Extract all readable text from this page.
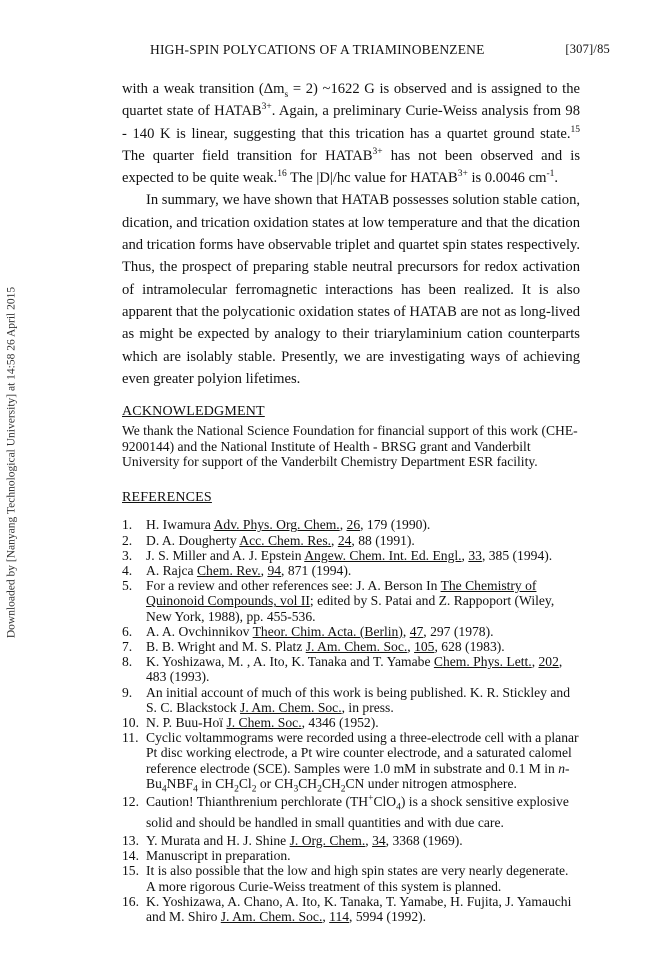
HIGH-SPIN POLYCATIONS OF A TRIAMINOBENZENE	[307]/85
Downloaded by [Nanyang Technological University] at 14:58 26 April 2015

with a weak transition $(\Delta m_s = 2)$ ~1622 G is observed and is assigned to the quartet state of $HATAB^{3+}$. Again, a preliminary Curie-Weiss analysis from 98 - 140 K is linear, suggesting that this trication has a quartet ground state.$^{15}$ The quarter field transition for $HATAB^{3+}$ has not been observed and is expected to be quite weak.$^{16}$ The |D|/hc value for $HATAB^{3+}$ is 0.0046 $cm^{-1}$.

In summary, we have shown that HATAB possesses solution stable cation, dication, and trication oxidation states at low temperature and that the dication and trication forms have observable triplet and quartet spin states respectively. Thus, the prospect of preparing stable neutral precursors for redox activation of intramolecular ferromagnetic interactions has been realized. It is also apparent that the polycationic oxidation states of HATAB are not as long-lived as might be expected by analogy to their triarylaminium cation counterparts which are isolably stable. Presently, we are investigating ways of achieving even greater polyion lifetimes.

ACKNOWLEDGMENT

We thank the National Science Foundation for financial support of this work (CHE-9200144) and the National Institute of Health - BRSG grant and Vanderbilt University for support of the Vanderbilt Chemistry Department ESR facility.

REFERENCES
1. H. Iwamura Adv. Phys. Org. Chem., 26, 179 (1990).
2. D. A. Dougherty Acc. Chem. Res., 24, 88 (1991).
3. J. S. Miller and A. J. Epstein Angew. Chem. Int. Ed. Engl., 33, 385 (1994).
4. A. Rajca Chem. Rev., 94, 871 (1994).
5. For a review and other references see: J. A. Berson In The Chemistry of Quinonoid Compounds, vol II; edited by S. Patai and Z. Rappoport (Wiley, New York, 1988), pp. 455-536.
6. A. A. Ovchinnikov Theor. Chim. Acta. (Berlin), 47, 297 (1978).
7. B. B. Wright and M. S. Platz J. Am. Chem. Soc., 105, 628 (1983).
8. K. Yoshizawa, M. , A. Ito, K. Tanaka and T. Yamabe Chem. Phys. Lett., 202, 483 (1993).
9. An initial account of much of this work is being published. K. R. Stickley and S. C. Blackstock J. Am. Chem. Soc., in press.
10. N. P. Buu-Hoï J. Chem. Soc., 4346 (1952).
11. Cyclic voltammograms were recorded using a three-electrode cell with a planar Pt disc working electrode, a Pt wire counter electrode, and a saturated calomel reference electrode (SCE). Samples were 1.0 mM in substrate and 0.1 M in $n-Bu_4NBF_4$ in $CH_2Cl_2$ or $CH_3CH_2CH_2CN$ under nitrogen atmosphere.
12. Caution! Thianthrenium perchlorate (TH+ClO$_4$) is a shock sensitive explosive solid and should be handled in small quantities and with due care.
13. Y. Murata and H. J. Shine J. Org. Chem., 34, 3368 (1969).
14. Manuscript in preparation.
15. It is also possible that the low and high spin states are very nearly degenerate. A more rigorous Curie-Weiss treatment of this system is planned.
16. K. Yoshizawa, A. Chano, A. Ito, K. Tanaka, T. Yamabe, H. Fujita, J. Yamauchi and M. Shiro J. Am. Chem. Soc., 114, 5994 (1992).
